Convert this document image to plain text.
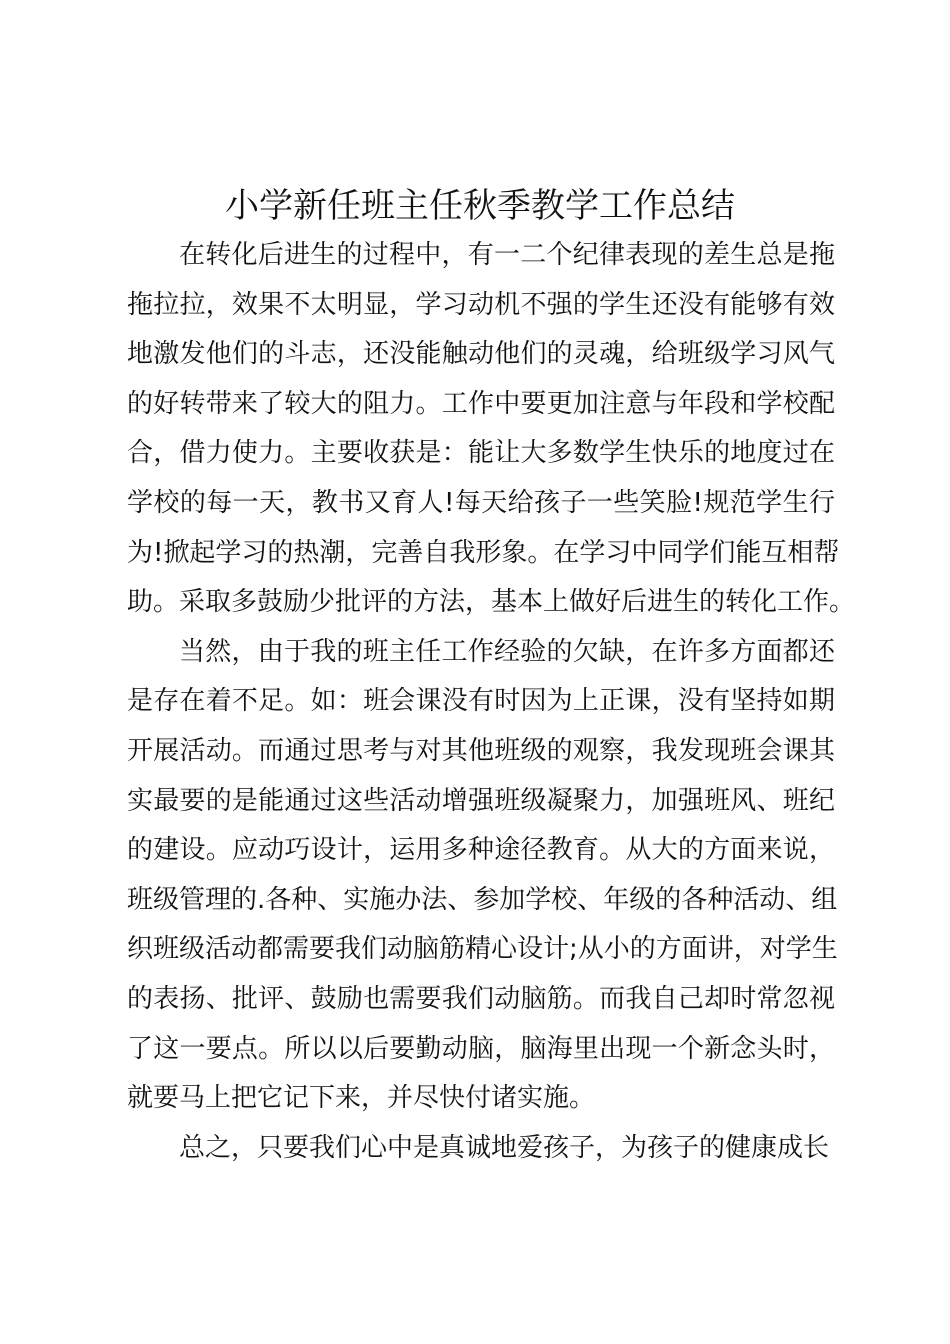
小学新任班主任秋季教学工作总结
在转化后进生的过程中，有一二个纪律表现的差生总是拖
拖拉拉，效果不太明显，学习动机不强的学生还没有能够有效
地激发他们的斗志，还没能触动他们的灵魂，给班级学习风气
的好转带来了较大的阻力。工作中要更加注意与年段和学校配
合，借力使力。主要收获是：能让大多数学生快乐的地度过在
学校的每一天，教书又育人!每天给孩子一些笑脸!规范学生行
为!掀起学习的热潮，完善自我形象。在学习中同学们能互相帮
助。采取多鼓励少批评的方法，基本上做好后进生的转化工作。
当然，由于我的班主任工作经验的欠缺，在许多方面都还
是存在着不足。如：班会课没有时因为上正课，没有坚持如期
开展活动。而通过思考与对其他班级的观察，我发现班会课其
实最要的是能通过这些活动增强班级凝聚力，加强班风、班纪
的建设。应动巧设计，运用多种途径教育。从大的方面来说，
班级管理的.各种、实施办法、参加学校、年级的各种活动、组
织班级活动都需要我们动脑筋精心设计;从小的方面讲，对学生
的表扬、批评、鼓励也需要我们动脑筋。而我自己却时常忽视
了这一要点。所以以后要勤动脑，脑海里出现一个新念头时，
就要马上把它记下来，并尽快付诸实施。
总之，只要我们心中是真诚地爱孩子，为孩子的健康成长
